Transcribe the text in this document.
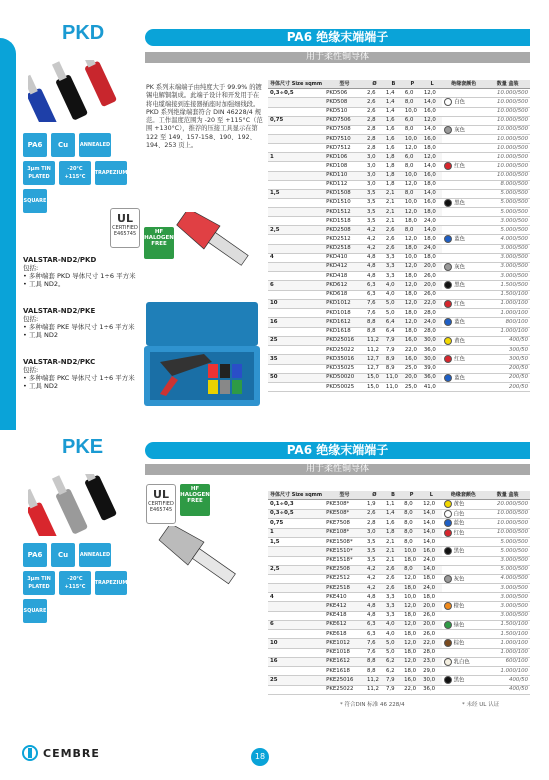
PKD	PA6 绝缘末端端子
用于柔性铜导体
PA6	Cu	ANNEALED
3μm TIN PLATED
-20°C +115°C
TRAPEZIUM
SQUARE
PK 系列末端端子由纯度大于 99.9% 的镀锡电解铜制成。此端子设计和开发用于在将电缆端接到连接器插座时加强细线段。PKD 系列绝缘端套符合 DIN 46228/4 规范。工作温度范围为 -20 至 +115°C（范围 +130°C），推荐的压接工具显示在第 122 至 149、157-158、190、192、194、253 页上。
UL
CERTIFIED
E465745	HF HALOGEN FREE
VALSTAR-ND2/PKD
包括:
• 多种端套 PKD 导体尺寸 1÷6 平方米
• 工具 ND2。
VALSTAR-ND2/PKE
包括:
• 多种端套 PKE 导体尺寸 1÷6 平方米
• 工具 ND2
VALSTAR-ND2/PKC
包括:
• 多种端套 PKC 导体尺寸 1÷6 平方米
• 工具 ND2
导体尺寸 Size sqmm	型号	Ø	B	P	L	绝缘套颜色	数量 盒装
0,3÷0,5	PKD506	2,6	1,4	6,0	12,0		10.000/500
	PKD508	2,6	1,4	8,0	14,0	白色	10.000/500
	PKD510	2,6	1,4	10,0	16,0		10.000/500
0,75	PKD7506	2,8	1,6	6,0	12,0		10.000/500
	PKD7508	2,8	1,6	8,0	14,0	灰色	10.000/500
	PKD7510	2,8	1,6	10,0	16,0		10.000/500
	PKD7512	2,8	1,6	12,0	18,0		10.000/500
1	PKD106	3,0	1,8	6,0	12,0		10.000/500
	PKD108	3,0	1,8	8,0	14,0	红色	10.000/500
	PKD110	3,0	1,8	10,0	16,0		10.000/500
	PKD112	3,0	1,8	12,0	18,0		8.000/500
1,5	PKD1508	3,5	2,1	8,0	14,0		5.000/500
	PKD1510	3,5	2,1	10,0	16,0	黑色	5.000/500
	PKD1512	3,5	2,1	12,0	18,0		5.000/500
	PKD1518	3,5	2,1	18,0	24,0		3.000/500
2,5	PKD2508	4,2	2,6	8,0	14,0		5.000/500
	PKD2512	4,2	2,6	12,0	18,0	蓝色	4.000/500
	PKD2518	4,2	2,6	18,0	24,0		3.000/500
4	PKD410	4,8	3,3	10,0	18,0		3.000/500
	PKD412	4,8	3,3	12,0	20,0	灰色	3.000/500
	PKD418	4,8	3,3	18,0	26,0		3.000/500
6	PKD612	6,3	4,0	12,0	20,0	黑色	1.500/500
	PKD618	6,3	4,0	18,0	26,0		1.500/100
10	PKD1012	7,6	5,0	12,0	22,0	红色	1.000/100
	PKD1018	7,6	5,0	18,0	28,0		1.000/100
16	PKD1612	8,8	6,4	12,0	24,0	蓝色	800/100
	PKD1618	8,8	6,4	18,0	28,0		1.000/100
25	PKD25016	11,2	7,9	16,0	30,0	黄色	400/50
	PKD25022	11,2	7,9	22,0	36,0		300/50
35	PKD35016	12,7	8,9	16,0	30,0	红色	300/50
	PKD35025	12,7	8,9	25,0	39,0		200/50
50	PKD50020	15,0	11,0	20,0	36,0	蓝色	200/50
	PKD50025	15,0	11,0	25,0	41,0		200/50
PKE	PA6 绝缘末端端子
用于柔性铜导体
PA6	Cu	ANNEALED
3μm TIN PLATED
-20°C +115°C
TRAPEZIUM
SQUARE
UL
CERTIFIED
E465745
HF HALOGEN FREE
导体尺寸 Size sqmm	型号	Ø	B	P	L	绝缘套颜色	数量 盒装
0,1÷0,3	PKE308*	1,9	1,1	8,0	12,0	黄色	20.000/500
0,3÷0,5	PKE508*	2,6	1,4	8,0	14,0	白色	10.000/500
0,75	PKE7508	2,8	1,6	8,0	14,0	蓝色	10.000/500
1	PKE108*	3,0	1,8	8,0	14,0	红色	10.000/500
1,5	PKE1508*	3,5	2,1	8,0	14,0		5.000/500
	PKE1510*	3,5	2,1	10,0	16,0	黑色	5.000/500
	PKE1518*	3,5	2,1	18,0	24,0		3.000/500
2,5	PKE2508	4,2	2,6	8,0	14,0		5.000/500
	PKE2512	4,2	2,6	12,0	18,0	灰色	4.000/500
	PKE2518	4,2	2,6	18,0	24,0		3.000/500
4	PKE410	4,8	3,3	10,0	18,0		3.000/500
	PKE412	4,8	3,3	12,0	20,0	橙色	3.000/500
	PKE418	4,8	3,3	18,0	26,0		3.000/500
6	PKE612	6,3	4,0	12,0	20,0	绿色	1.500/100
	PKE618	6,3	4,0	18,0	26,0		1.500/100
10	PKE1012	7,6	5,0	12,0	22,0	棕色	1.000/100
	PKE1018	7,6	5,0	18,0	28,0		1.000/100
16	PKE1612	8,8	6,2	12,0	23,0	乳白色	600/100
	PKE1618	8,8	6,2	18,0	29,0		1.000/100
25	PKE25016	11,2	7,9	16,0	30,0	黑色	400/50
	PKE25022	11,2	7,9	22,0	36,0		400/50
* 符合DIN 标准 46 228/4	* 未经 UL 认证
CEMBRE	18
